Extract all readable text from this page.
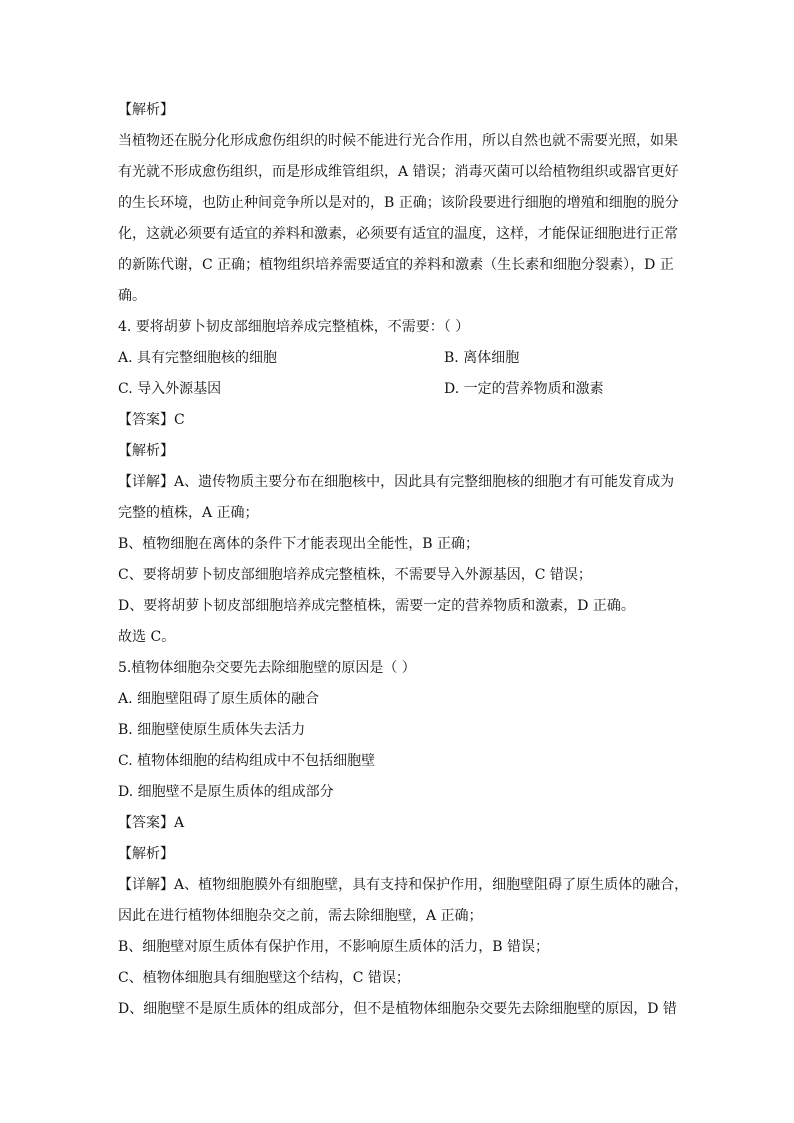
【解析】
当植物还在脱分化形成愈伤组织的时候不能进行光合作用，所以自然也就不需要光照，如果
有光就不形成愈伤组织，而是形成维管组织，A 错误；消毒灭菌可以给植物组织或器官更好
的生长环境，也防止种间竞争所以是对的，B 正确；该阶段要进行细胞的增殖和细胞的脱分
化，这就必须要有适宜的养料和激素，必须要有适宜的温度，这样，才能保证细胞进行正常
的新陈代谢，C 正确；植物组织培养需要适宜的养料和激素（生长素和细胞分裂素），D 正
确。
4. 要将胡萝卜韧皮部细胞培养成完整植株，不需要：（ ）
A. 具有完整细胞核的细胞	B. 离体细胞
C. 导入外源基因	D. 一定的营养物质和激素
【答案】C
【解析】
【详解】A、遗传物质主要分布在细胞核中，因此具有完整细胞核的细胞才有可能发育成为
完整的植株，A 正确；
B、植物细胞在离体的条件下才能表现出全能性，B 正确；
C、要将胡萝卜韧皮部细胞培养成完整植株，不需要导入外源基因，C 错误；
D、要将胡萝卜韧皮部细胞培养成完整植株，需要一定的营养物质和激素，D 正确。
故选 C。
5.植物体细胞杂交要先去除细胞壁的原因是（ ）
A. 细胞壁阻碍了原生质体的融合
B. 细胞壁使原生质体失去活力
C. 植物体细胞的结构组成中不包括细胞壁
D. 细胞壁不是原生质体的组成部分
【答案】A
【解析】
【详解】A、植物细胞膜外有细胞壁，具有支持和保护作用，细胞壁阻碍了原生质体的融合，
因此在进行植物体细胞杂交之前，需去除细胞壁，A 正确；
B、细胞壁对原生质体有保护作用，不影响原生质体的活力，B 错误；
C、植物体细胞具有细胞壁这个结构，C 错误；
D、细胞壁不是原生质体的组成部分，但不是植物体细胞杂交要先去除细胞壁的原因，D 错
